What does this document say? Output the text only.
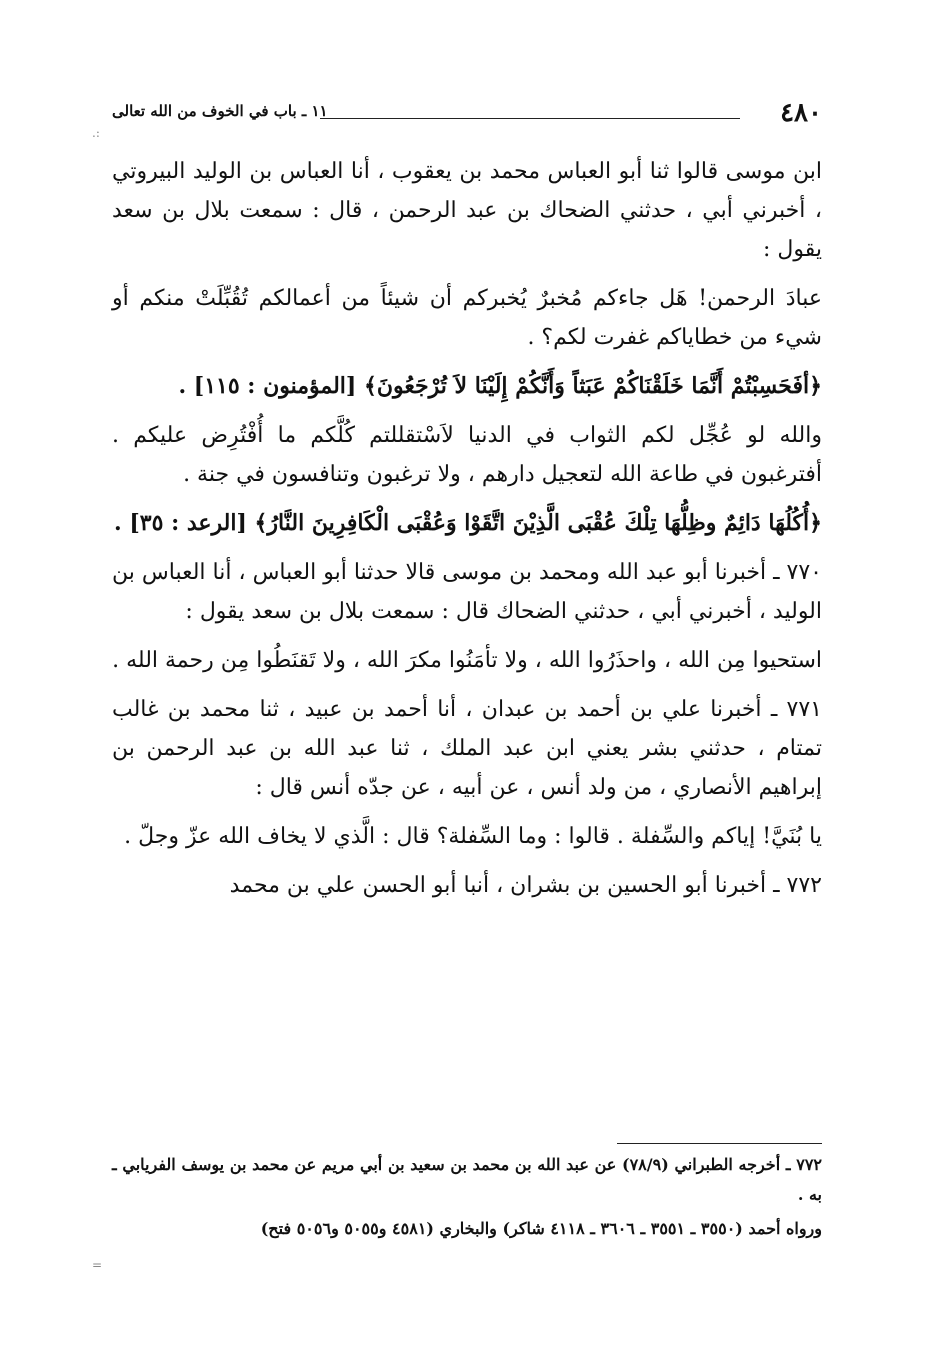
٤٨٠
١١ ـ باب في الخوف من الله تعالى
.:
=

ابن موسى قالوا ثنا أبو العباس محمد بن يعقوب ، أنا العباس بن الوليد البيروتي ، أخبرني أبي ، حدثني الضحاك بن عبد الرحمن ، قال : سمعت بلال بن سعد يقول :

عبادَ الرحمن! هَل جاءكم مُخبرٌ يُخبركم أن شيئاً من أعمالكم تُقُبِّلَتْ منكم أو شيء من خطاياكم غفرت لكم؟ .

﴿أفَحَسِبْتُمْ أَنَّمَا خَلَقْنَاكُمْ عَبَثاً وَأَنَّكُمْ إِلَيْنَا لاَ تُرْجَعُونَ﴾ [المؤمنون : ١١٥] .

والله لو عُجِّل لكم الثواب في الدنيا لاَسْتقللتم كُلَّكم ما أُفْتُرِض عليكم . أفترغبون في طاعة الله لتعجيل دارهم ، ولا ترغبون وتنافسون في جنة .

﴿أُكُلُهَا دَائِمٌ وظِلُّهَا تِلْكَ عُقْبَى الَّذِيْنَ اتَّقَوْا وَعُقْبَى الْكَافِرِينَ النَّارُ﴾ [الرعد : ٣٥] .

٧٧٠ ـ أخبرنا أبو عبد الله ومحمد بن موسى قالا حدثنا أبو العباس ، أنا العباس بن الوليد ، أخبرني أبي ، حدثني الضحاك قال : سمعت بلال بن سعد يقول :

استحيوا مِن الله ، واحذَرُوا الله ، ولا تأمَنُوا مكرَ الله ، ولا تَقنَطُوا مِن رحمة الله .

٧٧١ ـ أخبرنا علي بن أحمد بن عبدان ، أنا أحمد بن عبيد ، ثنا محمد بن غالب تمتام ، حدثني بشر يعني ابن عبد الملك ، ثنا عبد الله بن عبد الرحمن بن إبراهيم الأنصاري ، من ولد أنس ، عن أبيه ، عن جدّه أنس قال :

يا بُنَيَّ! إياكم والسِّفلة . قالوا : وما السِّفلة؟ قال : الَّذي لا يخاف الله عزّ وجلّ .

٧٧٢ ـ أخبرنا أبو الحسين بن بشران ، أنبا أبو الحسن علي بن محمد

٧٧٢ ـ أخرجه الطبراني (٧٨/٩) عن عبد الله بن محمد بن سعيد بن أبي مريم عن محمد بن يوسف الفريابي ـ به .

ورواه أحمد (٣٥٥٠ ـ ٣٥٥١ ـ ٣٦٠٦ ـ ٤١١٨ شاكر) والبخاري (٤٥٨١ و٥٠٥٥ و٥٠٥٦ فتح)
